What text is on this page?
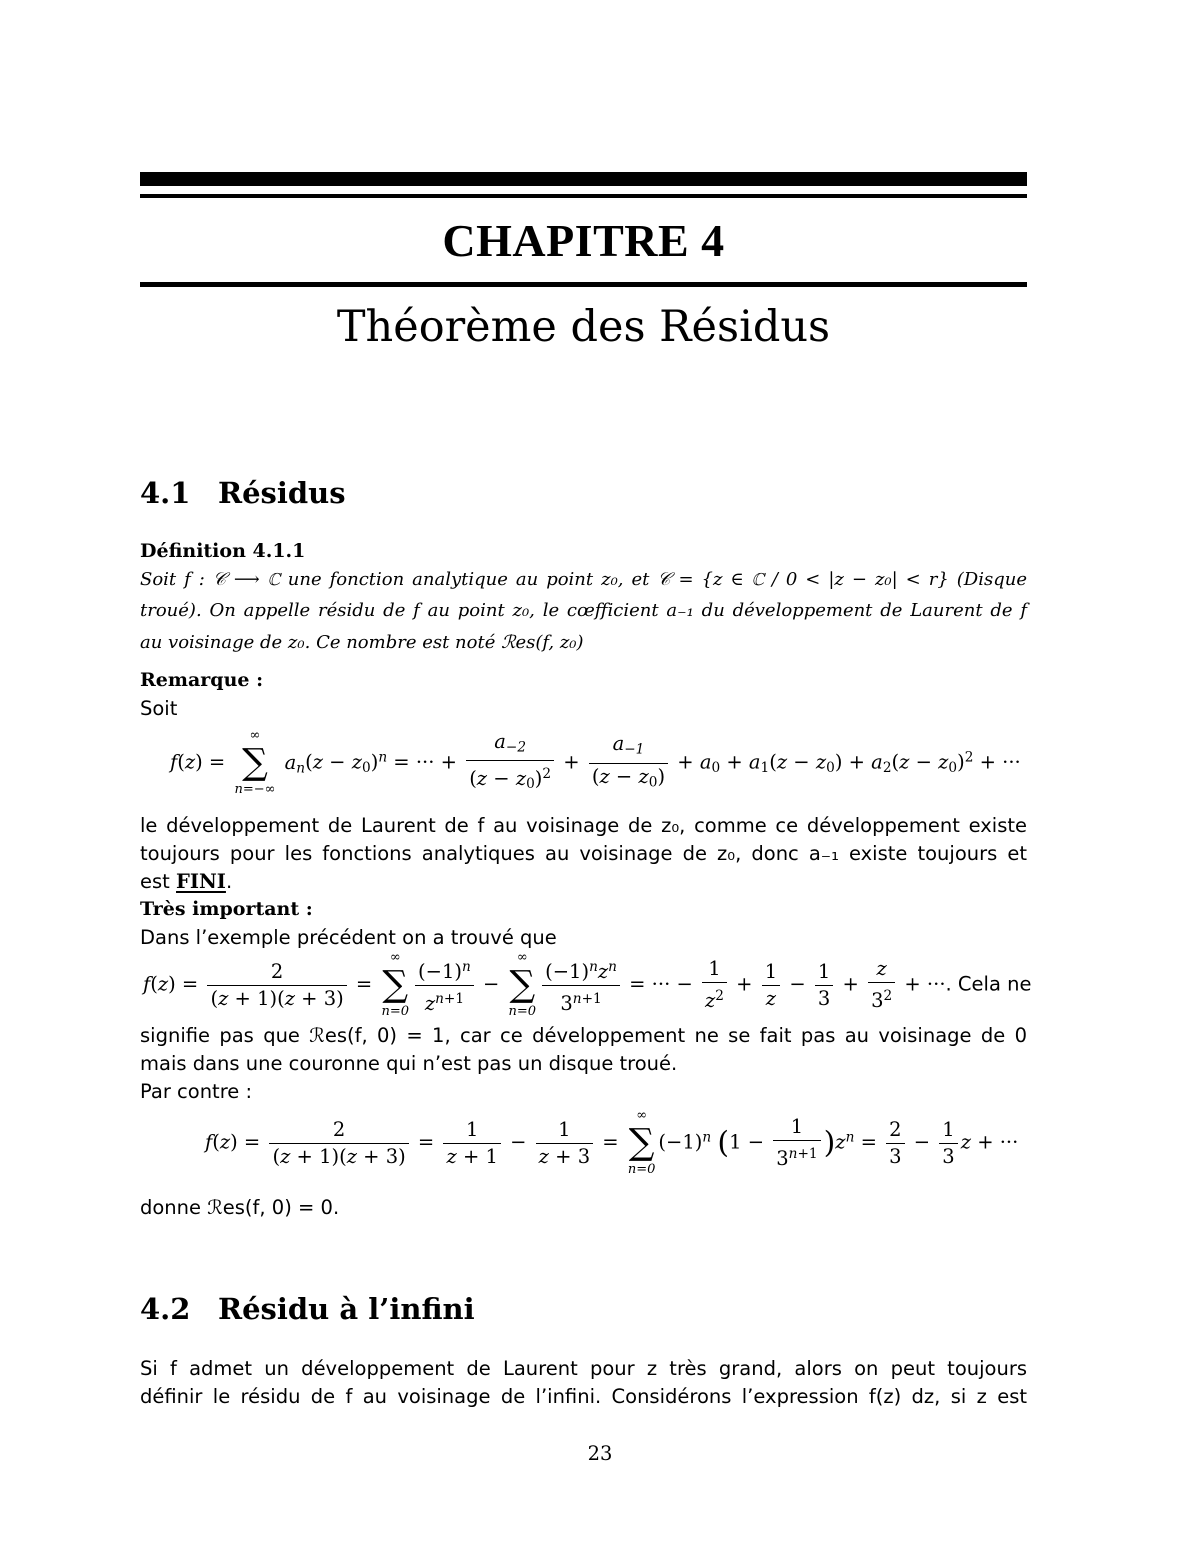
CHAPITRE 4
Théorème des Résidus
4.1 Résidus
Définition 4.1.1
Soit f : 𝒞 ⟶ ℂ une fonction analytique au point z₀, et 𝒞 = {z ∈ ℂ / 0 < |z − z₀| < r} (Disque
troué). On appelle résidu de f au point z₀, le cœfficient a₋₁ du développement de Laurent de f
au voisinage de z₀. Ce nombre est noté ℛes(f, z₀)
Remarque :
Soit
f(z) =
∞
∑
n=−∞
$a_n(z - z_0)^n$ = ··· + $\frac{a_{-2}}{(z - z_0)^2} + \frac{a_{-1}}{(z - z_0)} + a_0 + a_1(z - z_0) + a_2(z - z_0)^2$ + ···
le développement de Laurent de f au voisinage de z₀, comme ce développement existe
toujours pour les fonctions analytiques au voisinage de z₀, donc a₋₁ existe toujours et
est FINI.
Très important :
Dans l’exemple précédent on a trouvé que
$f(z) = \frac{2}{(z + 1)(z + 3)}$ =
∞
∑
$n=0 \frac{(-1)^n}{z^{n+1}}$ −
∞
∑
$n=0 \frac{(-1)^nz^n}{3^{n+1}}$ = ··· − $\frac{1}{z^2} + \frac{1}{z} - \frac{1}{3} + \frac{z}{3^2}$ + ···. Cela ne
signifie pas que ℛes(f, 0) = 1, car ce développement ne se fait pas au voisinage de 0
mais dans une couronne qui n’est pas un disque troué.
Par contre :
$f(z) = \frac{2}{(z + 1)(z + 3)} = \frac{1}{z + 1} - \frac{1}{z + 3}$ =
∞
∑
n=0
$(-1)^n$ $(1 - \frac{1}{3^{n+1}} )z^n = \frac{2}{3} - \frac{1}{3}$ z + ···
donne ℛes(f, 0) = 0.
4.2 Résidu à l’infini
Si f admet un développement de Laurent pour z très grand, alors on peut toujours
définir le résidu de f au voisinage de l’infini. Considérons l’expression f(z) dz, si z est
23
